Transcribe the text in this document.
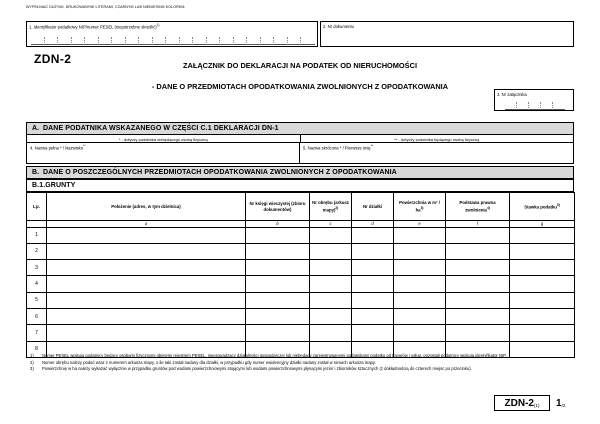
WYPEŁNIAĆ DUŻYMI, DRUKOWANYMI LITERAMI, CZARNYM LUB NIEBIESKIM KOLOREM.
1. Identyfikator podatkowy NIP/numer PESEL (niepotrzebne skreślić)$^{1)}$	2. Nr dokumentu
ZDN-2	ZAŁĄCZNIK DO DEKLARACJI NA PODATEK OD NIERUCHOMOŚCI
- DANE O PRZEDMIOTACH OPODATKOWANIA ZWOLNIONYCH Z OPODATKOWANIA
3. Nr załącznika
A. DANE PODATNIKA WSKAZANEGO W CZĘŚCI C.1 DEKLARACJI DN-1
* - dotyczy podatnika niebędącego osobą fizyczną	** - dotyczy podatnika będącego osobą fizyczną
4. Nazwa pełna * / Nazwisko**	5. Nazwa skrócona * / Pierwsze imię**
B. DANE O POSZCZEGÓLNYCH PRZEDMIOTACH OPODATKOWANIA ZWOLNIONYCH Z OPODATKOWANIA
B.1. GRUNTY
Lp.	Położenie (adres, w tym dzielnica)	Nr księgi wieczystej (zbioru dokumentów)	Nr obrębu (arkusz mapy)$^{2)}$	Nr działki	Powierzchnia w $m^2 / ha^{3)}$	Podstawa prawna zwolnienia$^{4)}$	Stawka podatku$^{5)}$
	a	b	c	d	e	f	g
1							
2							
3							
4							
5							
6							
7							
8							
1)	Numer PESEL wpisują podatnicy będący osobami fizycznymi objętymi rejestrem PESEL, nieprowadzący działalności gospodarczej lub niebędący zarejestrowanymi podatnikami podatku od towarów i usług, pozostali podatnicy wpisują identyfikator NIP.
2)	Numer obrębu należy podać wraz z numerem arkusza mapy, o ile taki został nadany dla działki, w przypadku gdy numer ewidencyjny działki nadany został w ramach arkusza mapy.
3)	Powierzchnię w ha należy wykazać wyłącznie w przypadku gruntów pod wodami powierzchniowymi stojącymi lub wodami powierzchniowymi płynącymi jezior i zbiorników sztucznych (z dokładnością do czterech miejsc po przecinku).
ZDN-2 (1) 1 /2
